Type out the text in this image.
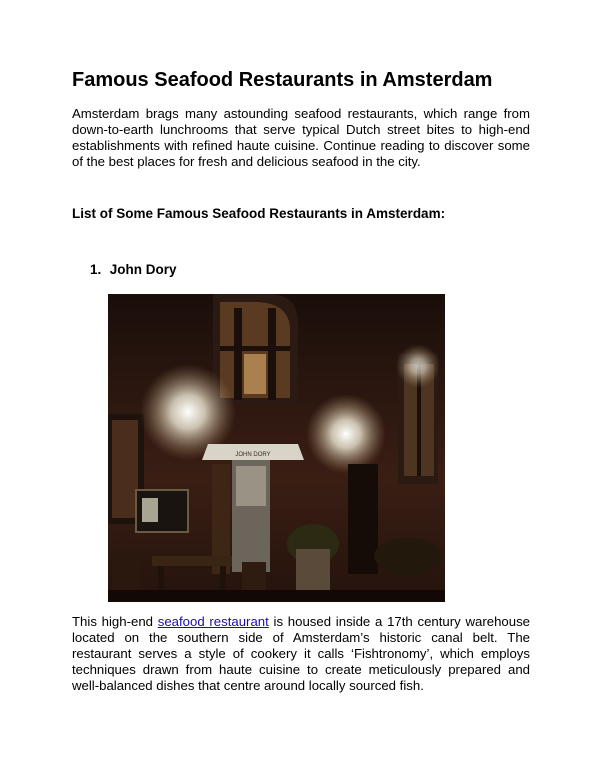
Famous Seafood Restaurants in Amsterdam

Amsterdam brags many astounding seafood restaurants, which range from down-to-earth lunchrooms that serve typical Dutch street bites to high-end establishments with refined haute cuisine. Continue reading to discover some of the best places for fresh and delicious seafood in the city.

List of Some Famous Seafood Restaurants in Amsterdam:
1. John Dory
JOHN DORY

This high-end seafood restaurant is housed inside a 17th century warehouse located on the southern side of Amsterdam’s historic canal belt. The restaurant serves a style of cookery it calls ‘Fishtronomy’, which employs techniques drawn from haute cuisine to create meticulously prepared and well-balanced dishes that centre around locally sourced fish.
